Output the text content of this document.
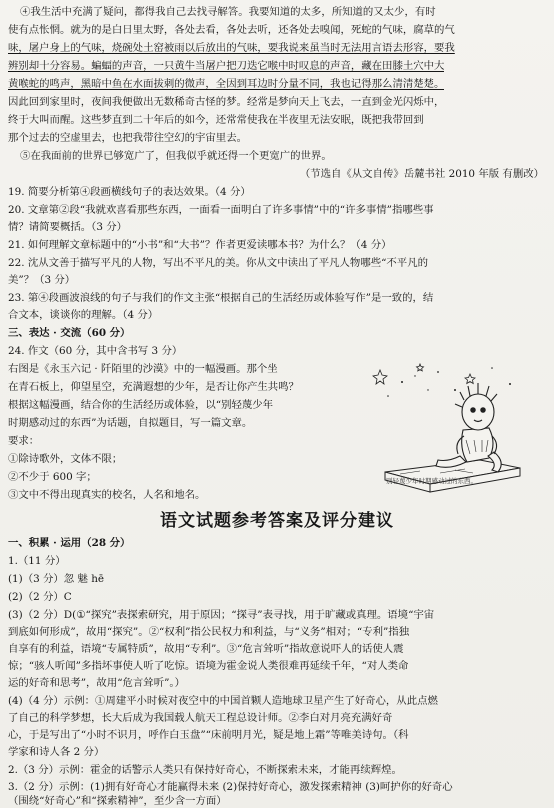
④我生活中充满了疑问，都得我自己去找寻解答。我要知道的太多，所知道的又太少，有时
使有点怅惘。就为的是白日里太野，各处去看，各处去听，还各处去嗅闻，死蛇的气味，腐草的气
味，屠户身上的气味，烧碗处土窑被雨以后放出的气味，要我说来虽当时无法用言语去形容，要我
辨别却十分容易。蝙蝠的声音，一只黄牛当屠户把刀迭它喉中时叹息的声音，藏在田膝土穴中大
黄喉蛇的鸣声，黑暗中鱼在水面拔刺的微声，全因到耳边时分量不同，我也记得那么清清楚楚。
因此回到家里时，夜间我便做出无数稀奇古怪的梦。经常是梦向天上飞去，一直到金光闪烁中，
终于大叫而醒。这些梦直到二十年后的如今，还常常使我在半夜里无法安眠，既把我带回到
那个过去的空虚里去，也把我带往空幻的宇宙里去。
⑤在我面前的世界已够宽广了，但我似乎就还得一个更宽广的世界。
（节选自《从文自传》岳麓书社 2010 年版 有删改）
19. 简要分析第④段画横线句子的表达效果。（4 分）
20. 文章第②段“我就欢喜看那些东西，一面看一面明白了许多事情”中的“许多事情”指哪些事
情？请简要概括。（3 分）
21. 如何理解文章标题中的“小书”和“大书”？作者更爱读哪本书？为什么？（4 分）
22. 沈从文善于描写平凡的人物，写出不平凡的美。你从文中读出了平凡人物哪些“不平凡的
美”？（3 分）
23. 第④段画波浪线的句子与我们的作文主张“根据自己的生活经历或体验写作”是一致的，结
合文本，谈谈你的理解。（4 分）
三、表达 · 交流（60 分）
24. 作文（60 分，其中含书写 3 分）
右图是《永玉六记 · 阡陌里的沙漠》中的一幅漫画。那个坐
在青石板上，仰望星空，充满遐想的少年，是否让你产生共鸣？
根据这幅漫画，结合你的生活经历或体验，以“别轻蔑少年
时期感动过的东西”为话题，自拟题目，写一篇文章。
要求：
①除诗歌外，文体不限；
②不少于 600 字；
③文中不得出现真实的校名，人名和地名。
别轻蔑少年时期感动过的东西。
语文试题参考答案及评分建议
一、积累 · 运用（28 分）
1.（11 分）
(1)（3 分）忽 魅 hē
(2)（2 分）C
(3)（2 分）D(①“探究”表探索研究，用于原因；“探寻”表寻找，用于旷藏或真理。语境“宇宙
到底如何形成”，故用“探究”。②“权利”指公民权力和利益，与“义务”相对；“专利”指独
自享有的利益，语境“专属特质”，故用“专利”。③“危言耸听”指故意说吓人的话使人震
惊；“骇人听闻”多指坏事使人听了吃惊。语境为霍金说人类很难再延续千年，“对人类命
运的好奇和思考”，故用“危言耸听”。）
(4)（4 分）示例：①周建平小时候对夜空中的中国首颗人造地球卫星产生了好奇心，从此点燃
了自己的科学梦想，长大后成为我国载人航天工程总设计师。②李白对月亮充满好奇
心，于是写出了“小时不识月，呼作白玉盘”“床前明月光，疑是地上霜”等唯美诗句。（科
学家和诗人各 2 分）
2.（3 分）示例：霍金的话警示人类只有保持好奇心，不断探索未来，才能再续辉煌。
3.（2 分）示例：(1)拥有好奇心才能赢得未来 (2)保持好奇心，激发探索精神 (3)呵护你的好奇心
（围绕“好奇心”和“探索精神”，至少含一方面）
